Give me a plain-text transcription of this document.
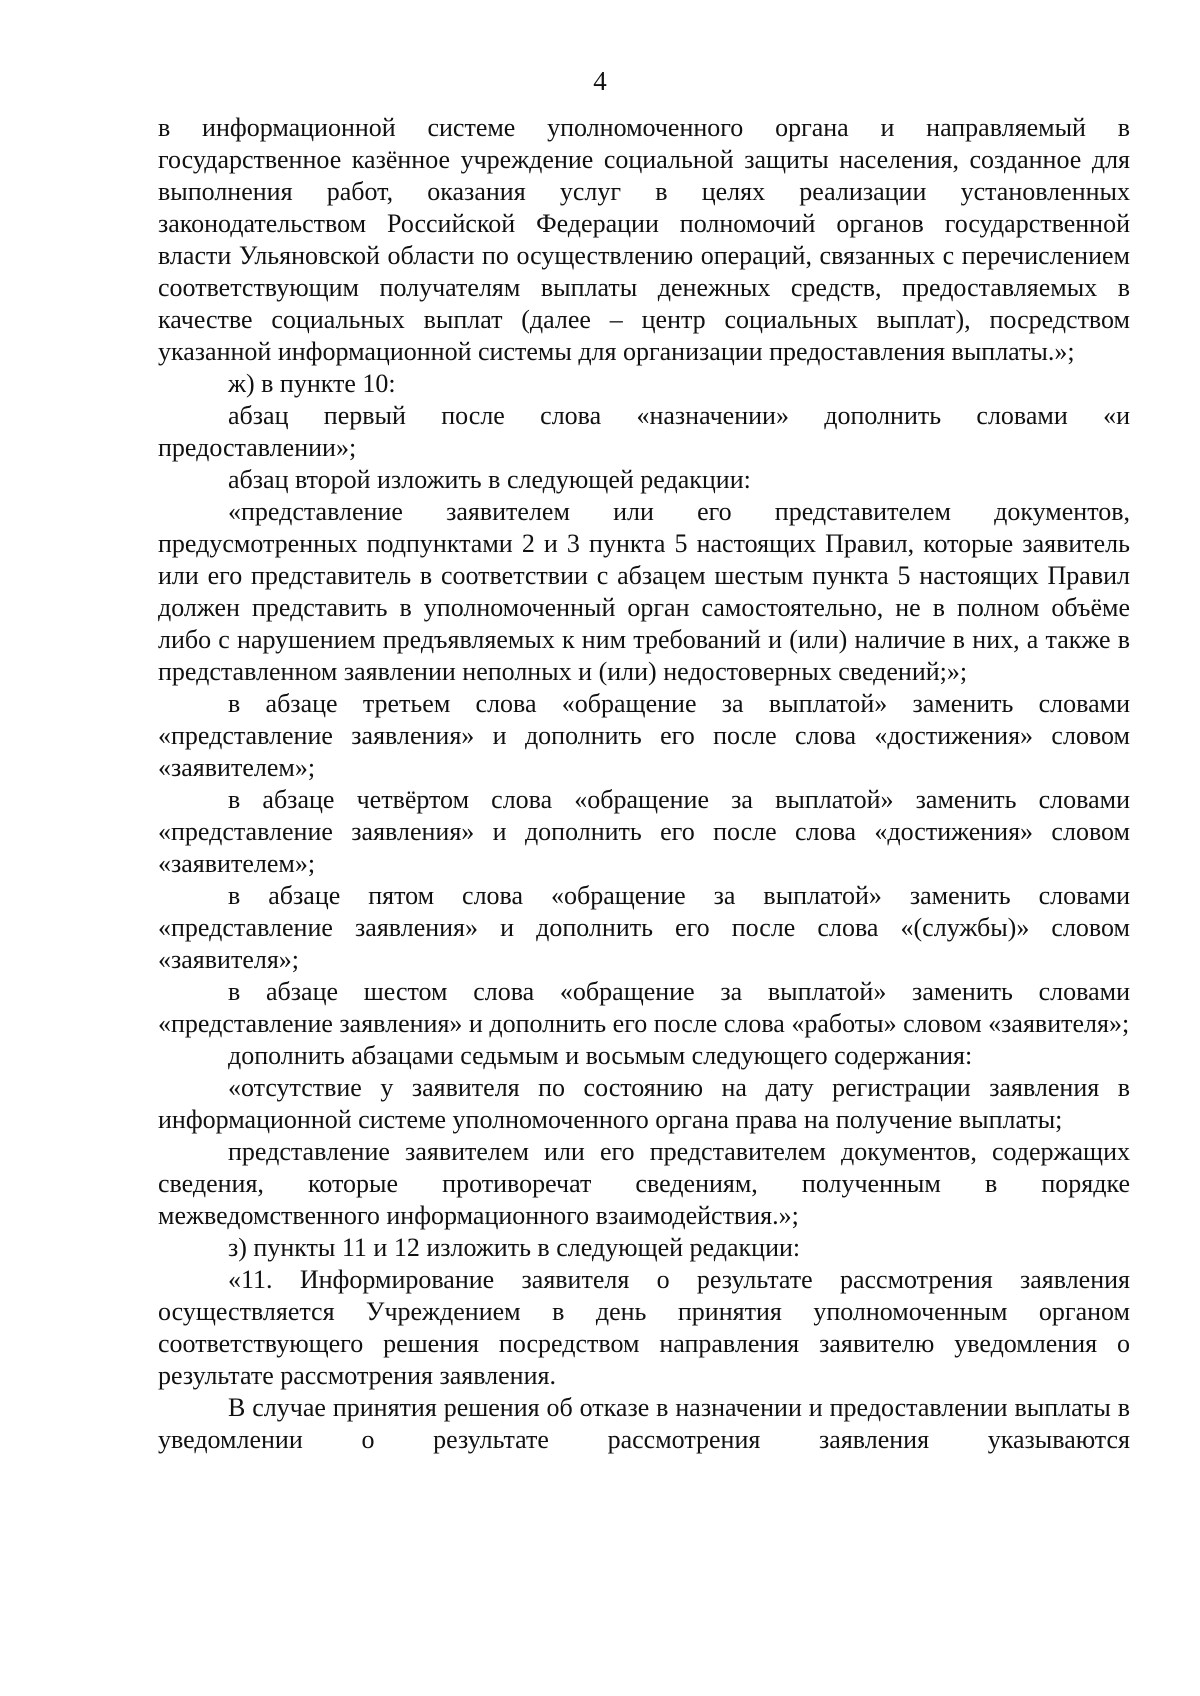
4

в информационной системе уполномоченного органа и направляемый в государственное казённое учреждение социальной защиты населения, созданное для выполнения работ, оказания услуг в целях реализации установленных законодательством Российской Федерации полномочий органов государственной власти Ульяновской области по осуществлению операций, связанных с перечислением соответствующим получателям выплаты денежных средств, предоставляемых в качестве социальных выплат (далее – центр социальных выплат), посредством указанной информационной системы для организации предоставления выплаты.»;

ж) в пункте 10:

абзац первый после слова «назначении» дополнить словами «и предоставлении»;

абзац второй изложить в следующей редакции:

«представление заявителем или его представителем документов, предусмотренных подпунктами 2 и 3 пункта 5 настоящих Правил, которые заявитель или его представитель в соответствии с абзацем шестым пункта 5 настоящих Правил должен представить в уполномоченный орган самостоятельно, не в полном объёме либо с нарушением предъявляемых к ним требований и (или) наличие в них, а также в представленном заявлении неполных и (или) недостоверных сведений;»;

в абзаце третьем слова «обращение за выплатой» заменить словами «представление заявления» и дополнить его после слова «достижения» словом «заявителем»;

в абзаце четвёртом слова «обращение за выплатой» заменить словами «представление заявления» и дополнить его после слова «достижения» словом «заявителем»;

в абзаце пятом слова «обращение за выплатой» заменить словами «представление заявления» и дополнить его после слова «(службы)» словом «заявителя»;

в абзаце шестом слова «обращение за выплатой» заменить словами «представление заявления» и дополнить его после слова «работы» словом «заявителя»;

дополнить абзацами седьмым и восьмым следующего содержания:

«отсутствие у заявителя по состоянию на дату регистрации заявления в информационной системе уполномоченного органа права на получение выплаты;

представление заявителем или его представителем документов, содержащих сведения, которые противоречат сведениям, полученным в порядке межведомственного информационного взаимодействия.»;

з) пункты 11 и 12 изложить в следующей редакции:

«11. Информирование заявителя о результате рассмотрения заявления осуществляется Учреждением в день принятия уполномоченным органом соответствующего решения посредством направления заявителю уведомления о результате рассмотрения заявления.

В случае принятия решения об отказе в назначении и предоставлении выплаты в уведомлении о результате рассмотрения заявления указываются
